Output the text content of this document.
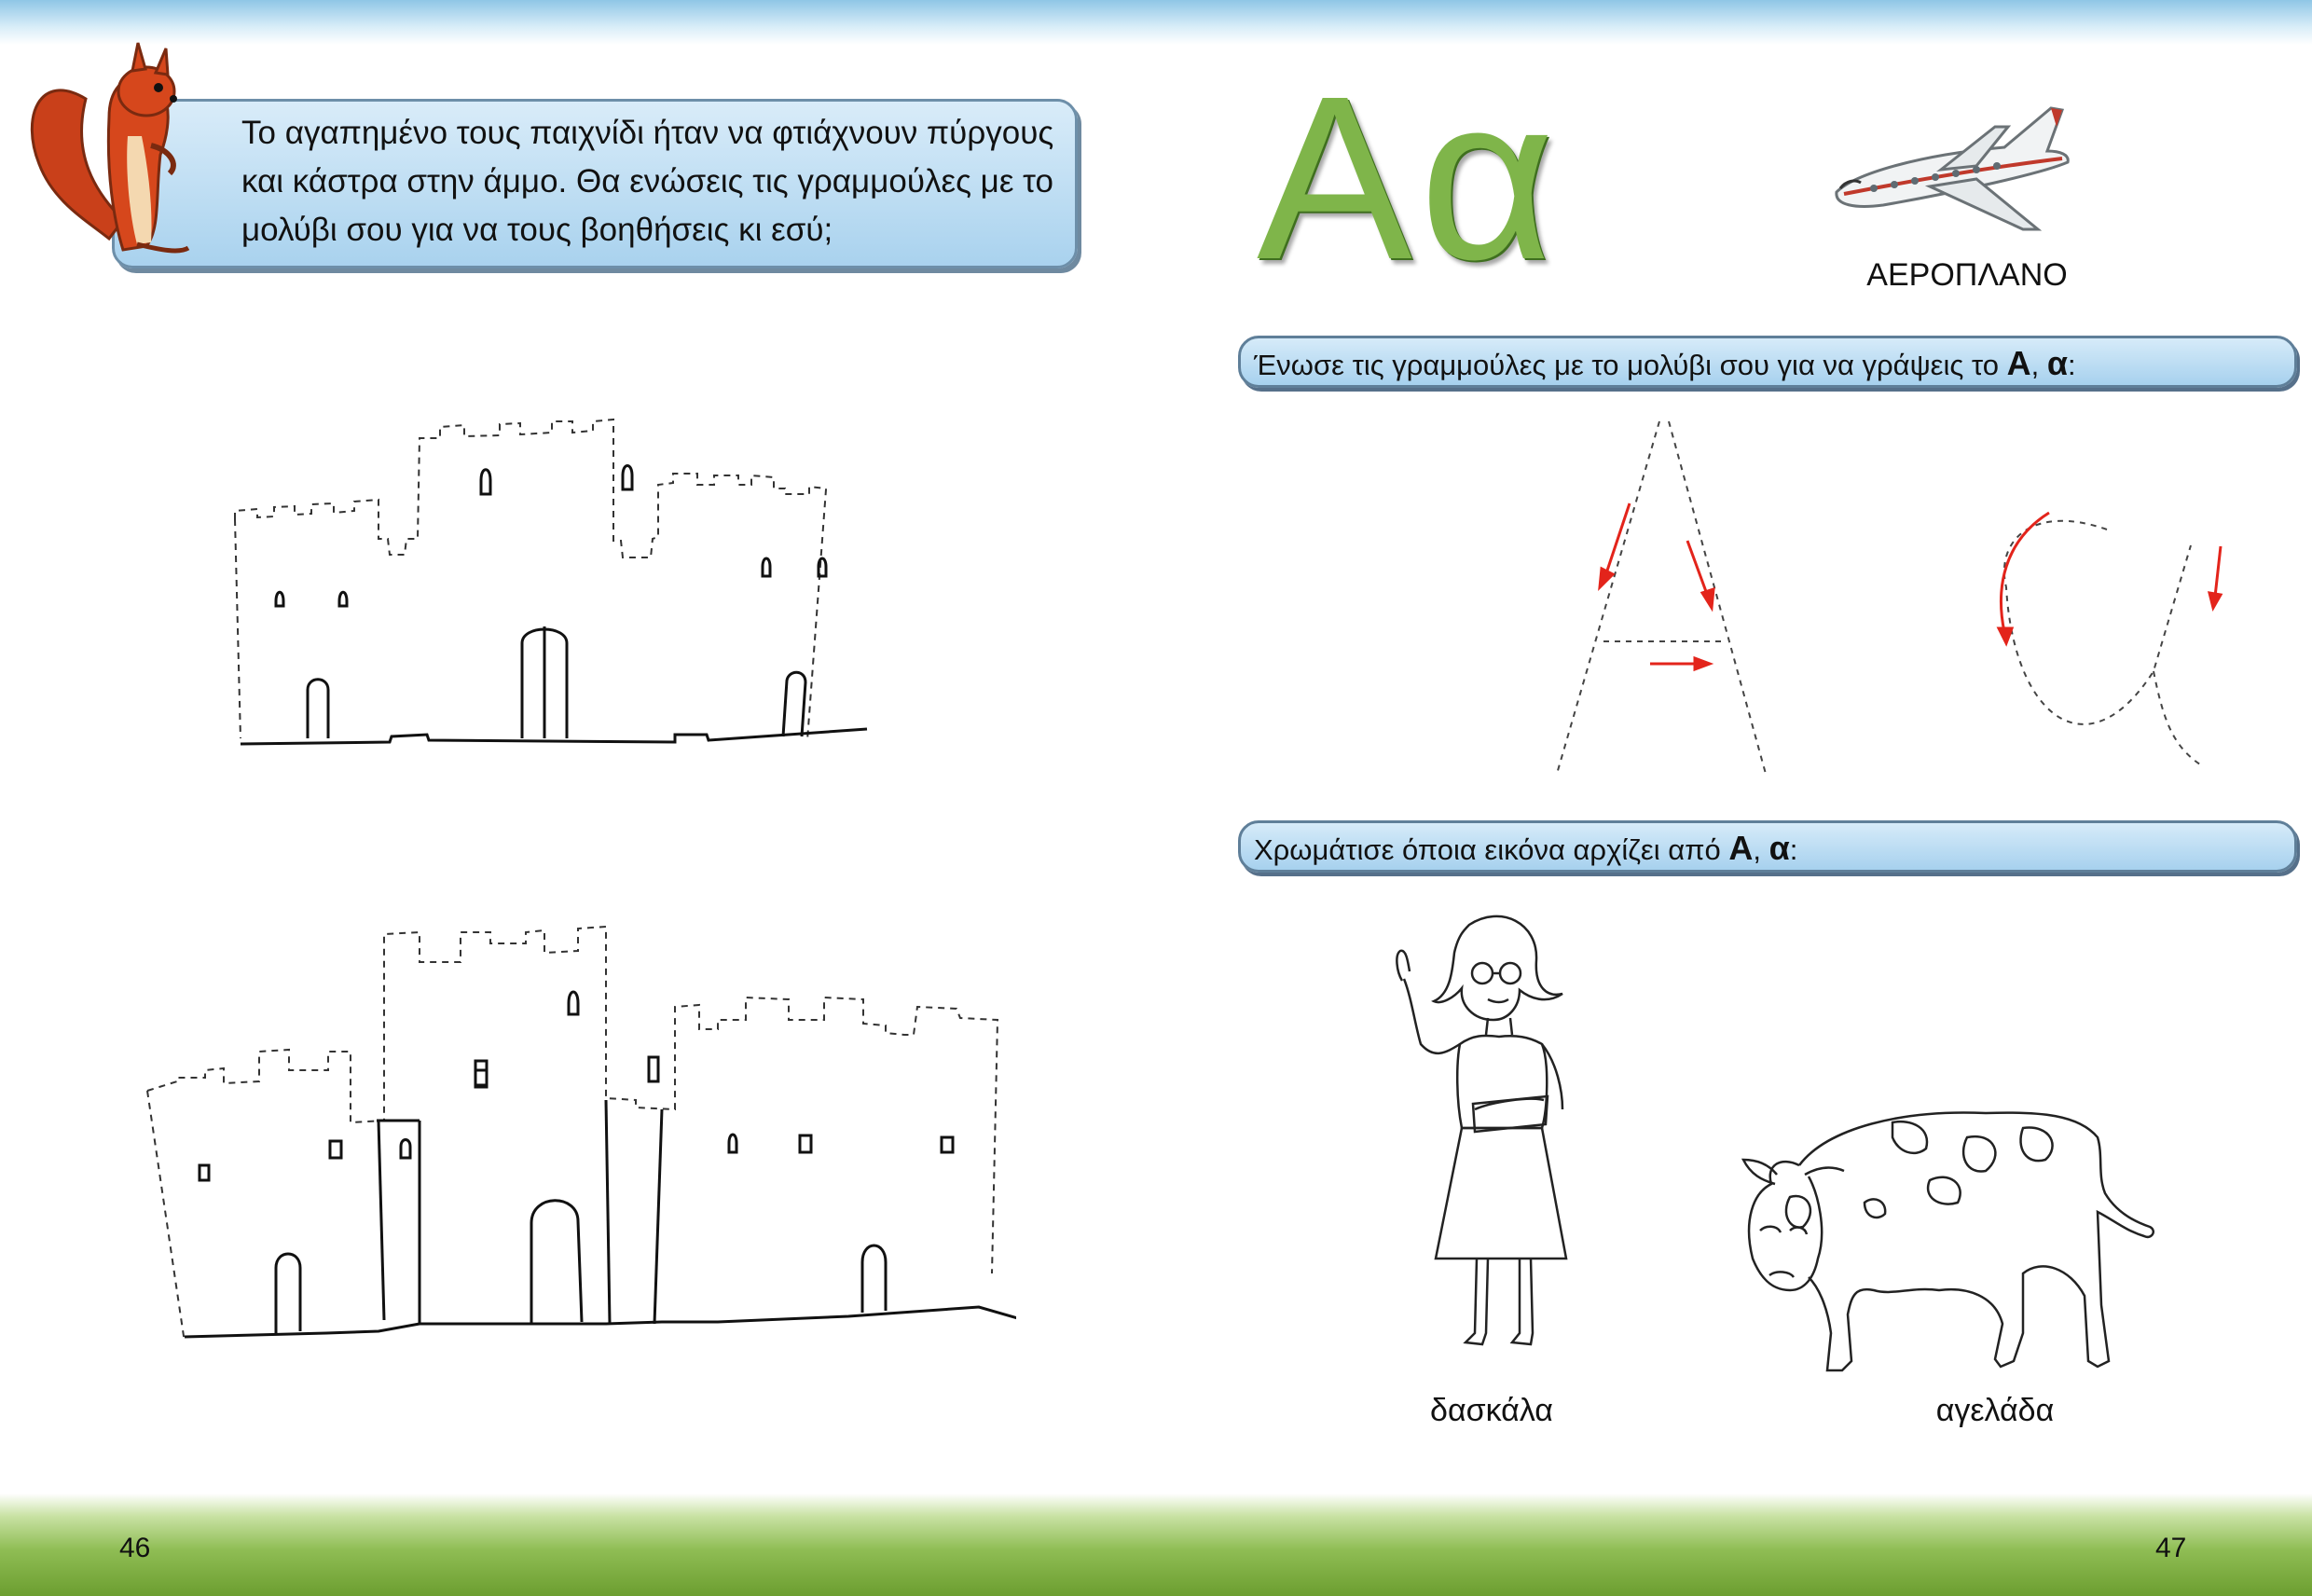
Το αγαπημένο τους παιχνίδι ήταν να φτιάχνουν πύργους και κάστρα στην άμμο. Θα ενώσεις τις γραμμούλες με το μολύβι σου για να τους βοηθήσεις κι εσύ;
46
Αα	ΑΕΡΟΠΛΑΝΟ
Ένωσε τις γραμμούλες με το μολύβι σου για να γράψεις το Α, α:
Χρωμάτισε όποια εικόνα αρχίζει από Α, α:
δασκάλα	αγελάδα
47
